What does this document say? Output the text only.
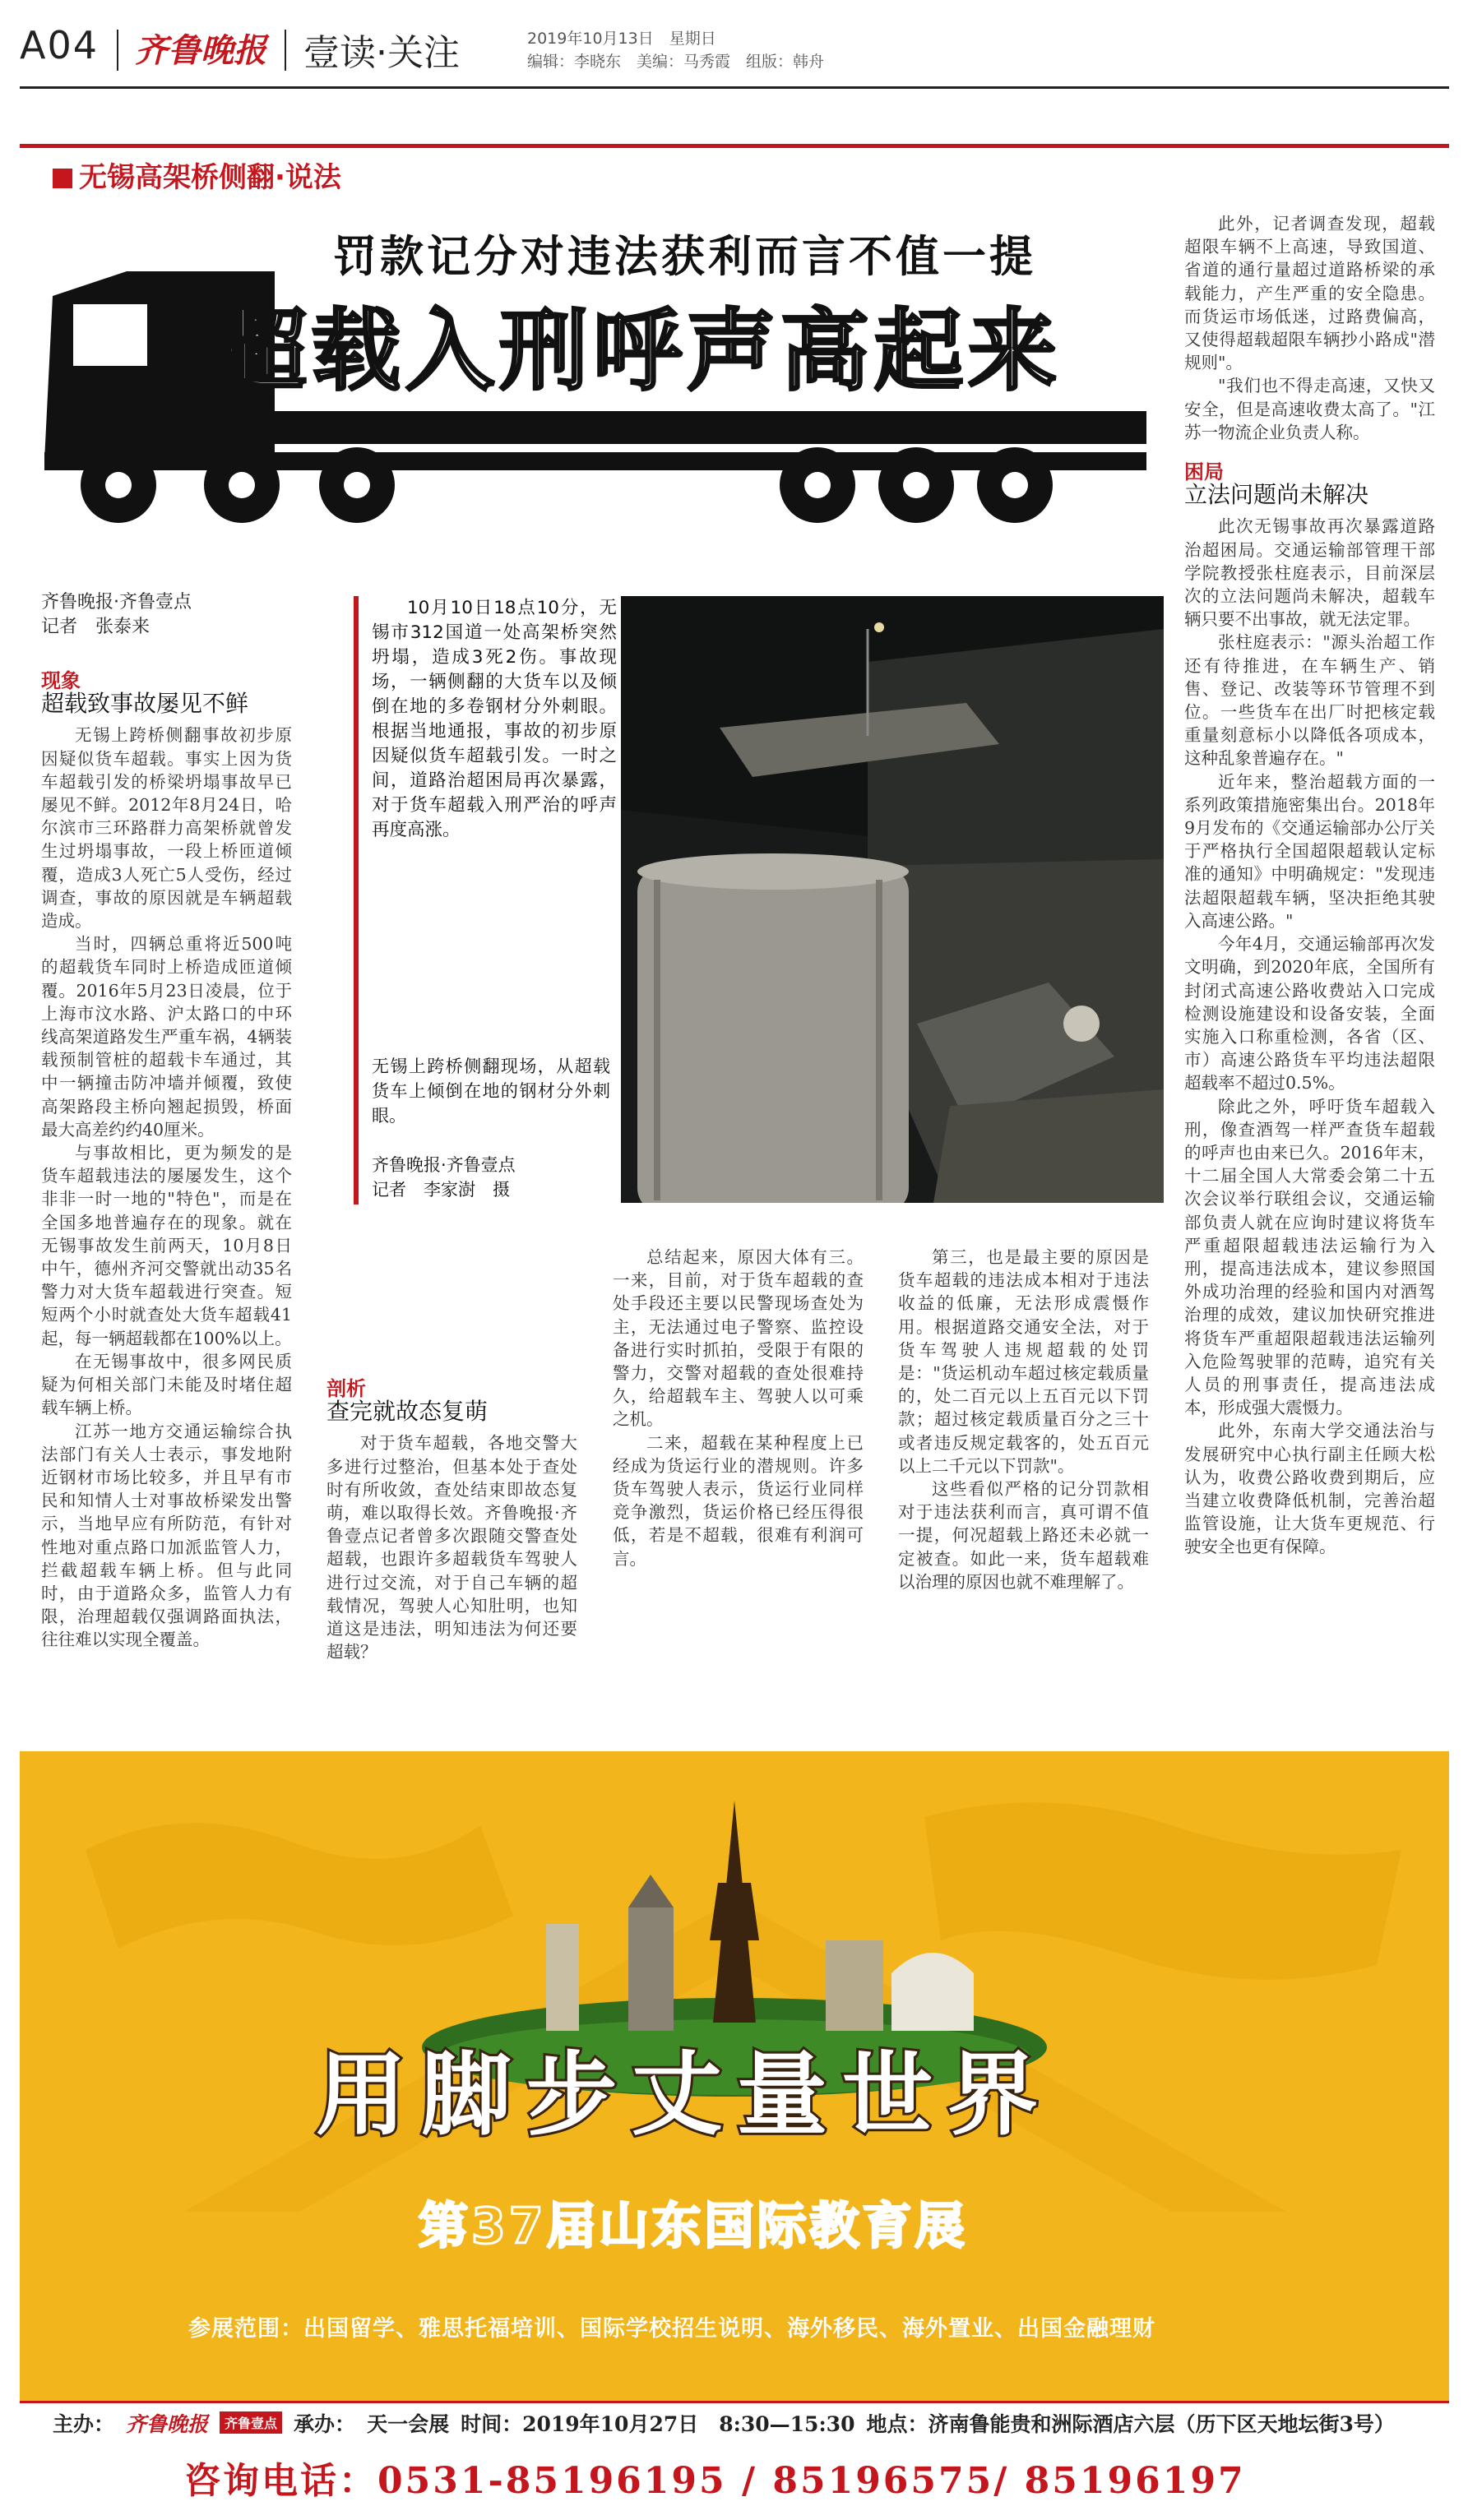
A04 齐鲁晚报 壹读·关注	2019年10月13日　星期日
编辑：李晓东　美编：马秀霞　组版：韩舟
无锡高架桥侧翻·说法
罚款记分对违法获利而言不值一提
超载入刑呼声高起来
齐鲁晚报·齐鲁壹点
记者　张泰来
现象
超载致事故屡见不鲜

无锡上跨桥侧翻事故初步原因疑似货车超载。事实上因为货车超载引发的桥梁坍塌事故早已屡见不鲜。2012年8月24日，哈尔滨市三环路群力高架桥就曾发生过坍塌事故，一段上桥匝道倾覆，造成3人死亡5人受伤，经过调查，事故的原因就是车辆超载造成。

当时，四辆总重将近500吨的超载货车同时上桥造成匝道倾覆。2016年5月23日凌晨，位于上海市汶水路、沪太路口的中环线高架道路发生严重车祸，4辆装载预制管桩的超载卡车通过，其中一辆撞击防冲墙并倾覆，致使高架路段主桥向翘起损毁，桥面最大高差约约40厘米。

与事故相比，更为频发的是货车超载违法的屡屡发生，这个非非一时一地的"特色"，而是在全国多地普遍存在的现象。就在无锡事故发生前两天，10月8日中午，德州齐河交警就出动35名警力对大货车超载进行突查。短短两个小时就查处大货车超载41起，每一辆超载都在100%以上。

在无锡事故中，很多网民质疑为何相关部门未能及时堵住超载车辆上桥。

江苏一地方交通运输综合执法部门有关人士表示，事发地附近钢材市场比较多，并且早有市民和知情人士对事故桥梁发出警示，当地早应有所防范，有针对性地对重点路口加派监管人力，拦截超载车辆上桥。但与此同时，由于道路众多，监管人力有限，治理超载仅强调路面执法，往往难以实现全覆盖。

10月10日18点10分，无锡市312国道一处高架桥突然坍塌，造成3死2伤。事故现场，一辆侧翻的大货车以及倾倒在地的多卷钢材分外刺眼。根据当地通报，事故的初步原因疑似货车超载引发。一时之间，道路治超困局再次暴露，对于货车超载入刑严治的呼声再度高涨。

无锡上跨桥侧翻现场，从超载货车上倾倒在地的钢材分外刺眼。
齐鲁晚报·齐鲁壹点
记者　李家澍　摄
剖析
查完就故态复萌

对于货车超载，各地交警大多进行过整治，但基本处于查处时有所收敛，查处结束即故态复萌，难以取得长效。齐鲁晚报·齐鲁壹点记者曾多次跟随交警查处超载，也跟许多超载货车驾驶人进行过交流，对于自己车辆的超载情况，驾驶人心知肚明，也知道这是违法，明知违法为何还要超载？

总结起来，原因大体有三。一来，目前，对于货车超载的查处手段还主要以民警现场查处为主，无法通过电子警察、监控设备进行实时抓拍，受限于有限的警力，交警对超载的查处很难持久，给超载车主、驾驶人以可乘之机。

二来，超载在某种程度上已经成为货运行业的潜规则。许多货车驾驶人表示，货运行业同样竞争激烈，货运价格已经压得很低，若是不超载，很难有利润可言。

第三，也是最主要的原因是货车超载的违法成本相对于违法收益的低廉，无法形成震慑作用。根据道路交通安全法，对于货车驾驶人违规超载的处罚是："货运机动车超过核定载质量的，处二百元以上五百元以下罚款；超过核定载质量百分之三十或者违反规定载客的，处五百元以上二千元以下罚款"。

这些看似严格的记分罚款相对于违法获利而言，真可谓不值一提，何况超载上路还未必就一定被查。如此一来，货车超载难以治理的原因也就不难理解了。

此外，记者调查发现，超载超限车辆不上高速，导致国道、省道的通行量超过道路桥梁的承载能力，产生严重的安全隐患。而货运市场低迷，过路费偏高，又使得超载超限车辆抄小路成"潜规则"。

"我们也不得走高速，又快又安全，但是高速收费太高了。"江苏一物流企业负责人称。

困局
立法问题尚未解决

此次无锡事故再次暴露道路治超困局。交通运输部管理干部学院教授张柱庭表示，目前深层次的立法问题尚未解决，超载车辆只要不出事故，就无法定罪。

张柱庭表示："源头治超工作还有待推进，在车辆生产、销售、登记、改装等环节管理不到位。一些货车在出厂时把核定载重量刻意标小以降低各项成本，这种乱象普遍存在。"

近年来，整治超载方面的一系列政策措施密集出台。2018年9月发布的《交通运输部办公厅关于严格执行全国超限超载认定标准的通知》中明确规定："发现违法超限超载车辆，坚决拒绝其驶入高速公路。"

今年4月，交通运输部再次发文明确，到2020年底，全国所有封闭式高速公路收费站入口完成检测设施建设和设备安装，全面实施入口称重检测，各省（区、市）高速公路货车平均违法超限超载率不超过0.5%。

除此之外，呼吁货车超载入刑，像查酒驾一样严查货车超载的呼声也由来已久。2016年末，十二届全国人大常委会第二十五次会议举行联组会议，交通运输部负责人就在应询时建议将货车严重超限超载违法运输行为入刑，提高违法成本，建议参照国外成功治理的经验和国内对酒驾治理的成效，建议加快研究推进将货车严重超限超载违法运输列入危险驾驶罪的范畴，追究有关人员的刑事责任，提高违法成本，形成强大震慑力。

此外，东南大学交通法治与发展研究中心执行副主任顾大松认为，收费公路收费到期后，应当建立收费降低机制，完善治超监管设施，让大货车更规范、行驶安全也更有保障。

用脚步丈量世界
第37届山东国际教育展
参展范围：出国留学、雅思托福培训、国际学校招生说明、海外移民、海外置业、出国金融理财
主办： 齐鲁晚报 齐鲁壹点 承办： 天一会展 时间：2019年10月27日　8:30—15:30 地点：济南鲁能贵和洲际酒店六层（历下区天地坛街3号）
咨询电话：0531-85196195 / 85196575/ 85196197
